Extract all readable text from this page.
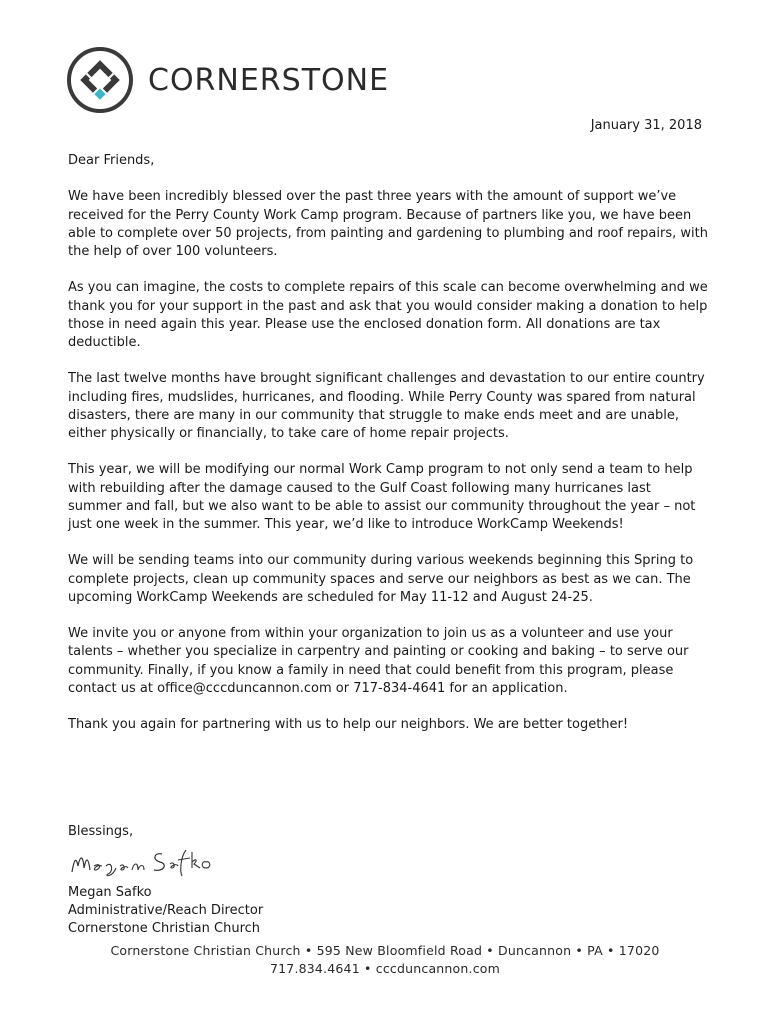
CORNERSTONE
January 31, 2018

Dear Friends,

We have been incredibly blessed over the past three years with the amount of support we’ve received for the Perry County Work Camp program. Because of partners like you, we have been able to complete over 50 projects, from painting and gardening to plumbing and roof repairs, with the help of over 100 volunteers.

As you can imagine, the costs to complete repairs of this scale can become overwhelming and we thank you for your support in the past and ask that you would consider making a donation to help those in need again this year. Please use the enclosed donation form. All donations are tax deductible.

The last twelve months have brought significant challenges and devastation to our entire country including fires, mudslides, hurricanes, and flooding. While Perry County was spared from natural disasters, there are many in our community that struggle to make ends meet and are unable, either physically or financially, to take care of home repair projects.

This year, we will be modifying our normal Work Camp program to not only send a team to help with rebuilding after the damage caused to the Gulf Coast following many hurricanes last summer and fall, but we also want to be able to assist our community throughout the year – not just one week in the summer. This year, we’d like to introduce WorkCamp Weekends!

We will be sending teams into our community during various weekends beginning this Spring to complete projects, clean up community spaces and serve our neighbors as best as we can. The upcoming WorkCamp Weekends are scheduled for May 11-12 and August 24-25.

We invite you or anyone from within your organization to join us as a volunteer and use your talents – whether you specialize in carpentry and painting or cooking and baking – to serve our community. Finally, if you know a family in need that could benefit from this program, please contact us at office@cccduncannon.com or 717-834-4641 for an application.

Thank you again for partnering with us to help our neighbors. We are better together!

Blessings,
Megan Safko
Administrative/Reach Director
Cornerstone Christian Church
Cornerstone Christian Church • 595 New Bloomfield Road • Duncannon • PA • 17020
717.834.4641 • cccduncannon.com
